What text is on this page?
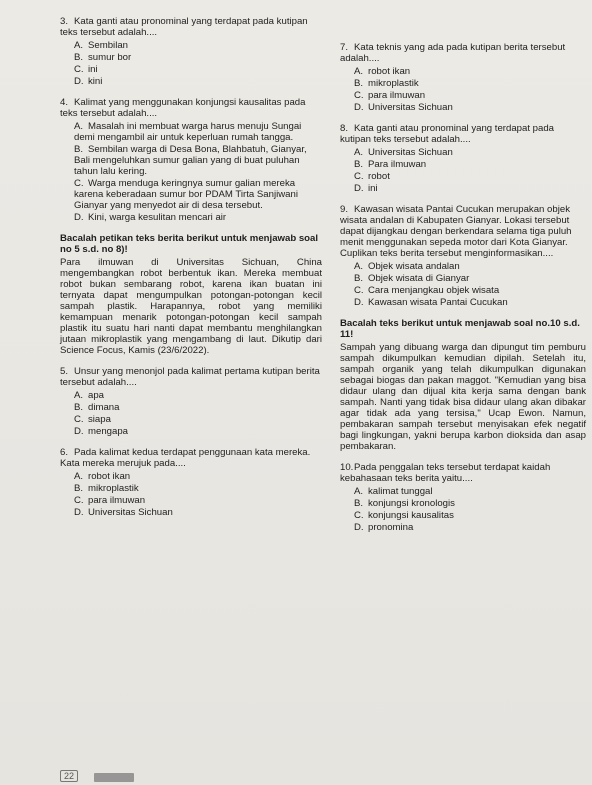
3. Kata ganti atau pronominal yang terdapat pada kutipan teks tersebut adalah....
A. Sembilan
B. sumur bor
C. ini
D. kini
4. Kalimat yang menggunakan konjungsi kausalitas pada teks tersebut adalah....
A. Masalah ini membuat warga harus menuju Sungai demi mengambil air untuk keperluan rumah tangga.
B. Sembilan warga di Desa Bona, Blahbatuh, Gianyar, Bali mengeluhkan sumur galian yang di buat puluhan tahun lalu kering.
C. Warga menduga keringnya sumur galian mereka karena keberadaan sumur bor PDAM Tirta Sanjiwani Gianyar yang menyedot air di desa tersebut.
D. Kini, warga kesulitan mencari air
Bacalah petikan teks berita berikut untuk menjawab soal no 5 s.d. no 8)!

Para ilmuwan di Universitas Sichuan, China mengembangkan robot berbentuk ikan. Mereka membuat robot bukan sembarang robot, karena ikan buatan ini ternyata dapat mengumpulkan potongan-potongan kecil sampah plastik. Harapannya, robot yang memiliki kemampuan menarik potongan-potongan kecil sampah plastik itu suatu hari nanti dapat membantu menghilangkan jutaan mikroplastik yang mengambang di laut. Dikutip dari Science Focus, Kamis (23/6/2022).

5. Unsur yang menonjol pada kalimat pertama kutipan berita tersebut adalah....
A. apa
B. dimana
C. siapa
D. mengapa
6. Pada kalimat kedua terdapat penggunaan kata mereka. Kata mereka merujuk pada....
A. robot ikan
B. mikroplastik
C. para ilmuwan
D. Universitas Sichuan
7. Kata teknis yang ada pada kutipan berita tersebut adalah....
A. robot ikan
B. mikroplastik
C. para ilmuwan
D. Universitas Sichuan
8. Kata ganti atau pronominal yang terdapat pada kutipan teks tersebut adalah....
A. Universitas Sichuan
B. Para ilmuwan
C. robot
D. ini
9. Kawasan wisata Pantai Cucukan merupakan objek wisata andalan di Kabupaten Gianyar. Lokasi tersebut dapat dijangkau dengan berkendara selama tiga puluh menit menggunakan sepeda motor dari Kota Gianyar. Cuplikan teks berita tersebut menginformasikan....
A. Objek wisata andalan
B. Objek wisata di Gianyar
C. Cara menjangkau objek wisata
D. Kawasan wisata Pantai Cucukan
Bacalah teks berikut untuk menjawab soal no.10 s.d. 11!

Sampah yang dibuang warga dan dipungut tim pemburu sampah dikumpulkan kemudian dipilah. Setelah itu, sampah organik yang telah dikumpulkan digunakan sebagai biogas dan pakan maggot. "Kemudian yang bisa didaur ulang dan dijual kita kerja sama dengan bank sampah. Nanti yang tidak bisa didaur ulang akan dibakar agar tidak ada yang tersisa," Ucap Ewon. Namun, pembakaran sampah tersebut menyisakan efek negatif bagi lingkungan, yakni berupa karbon dioksida dan asap pembakaran.

10.Pada penggalan teks tersebut terdapat kaidah kebahasaan teks berita yaitu....
A. kalimat tunggal
B. konjungsi kronologis
C. konjungsi kausalitas
D. pronomina
22
